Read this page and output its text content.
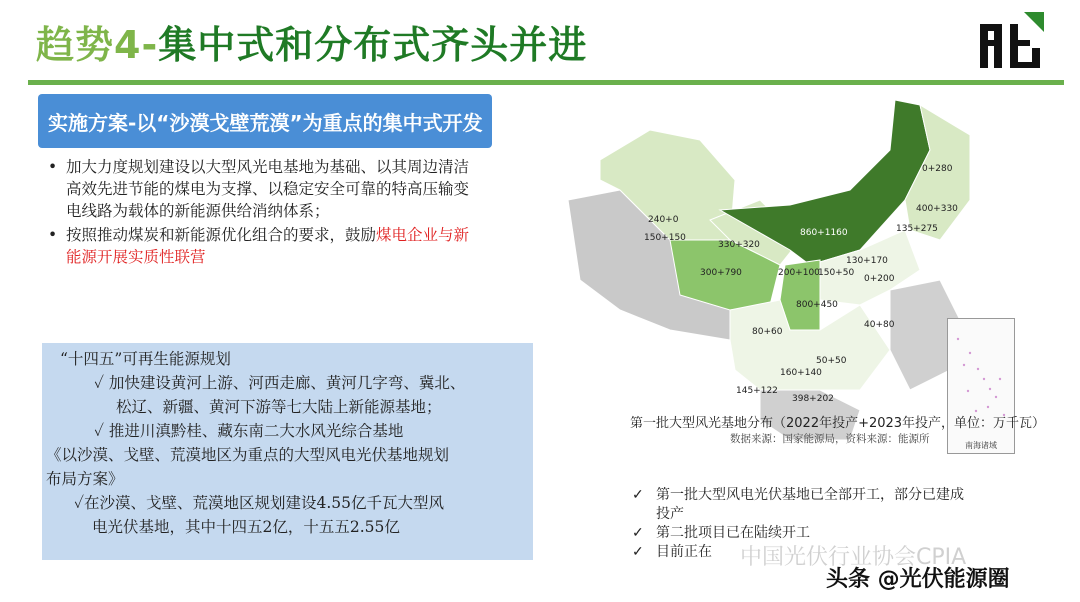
趋势4-集中式和分布式齐头并进
实施方案-以“沙漠戈壁荒漠”为重点的集中式开发
• 加大力度规划建设以大型风光电基地为基础、以其周边清洁高效先进节能的煤电为支撑、以稳定安全可靠的特高压输变电线路为载体的新能源供给消纳体系；
• 按照推动煤炭和新能源优化组合的要求，鼓励煤电企业与新能源开展实质性联营
“十四五”可再生能源规划
✓ 加快建设黄河上游、河西走廊、黄河几字弯、冀北、
松辽、新疆、黄河下游等七大陆上新能源基地；
✓ 推进川滇黔桂、藏东南二大水风光综合基地
《以沙漠、戈壁、荒漠地区为重点的大型风电光伏基地规划
布局方案》
✓在沙漠、戈壁、荒漠地区规划建设4.55亿千瓦大型风
电光伏基地，其中十四五2亿，十五五2.55亿
240+0
150+150
330+320
860+1160
300+790	200+100
150+50
130+170
0+200
0+280
400+330
135+275
800+450
80+60
40+80
50+50
160+140
145+122
398+202
南海诸域
第一批大型风光基地分布（2022年投产+2023年投产，单位：万千瓦）
数据来源：国家能源局，资料来源：能源所
✓ 第一批大型风电光伏基地已全部开工，部分已建成
投产
✓ 第二批项目已在陆续开工
✓ 目前正在	中国光伏行业协会CPIA
头条 @光伏能源圈
